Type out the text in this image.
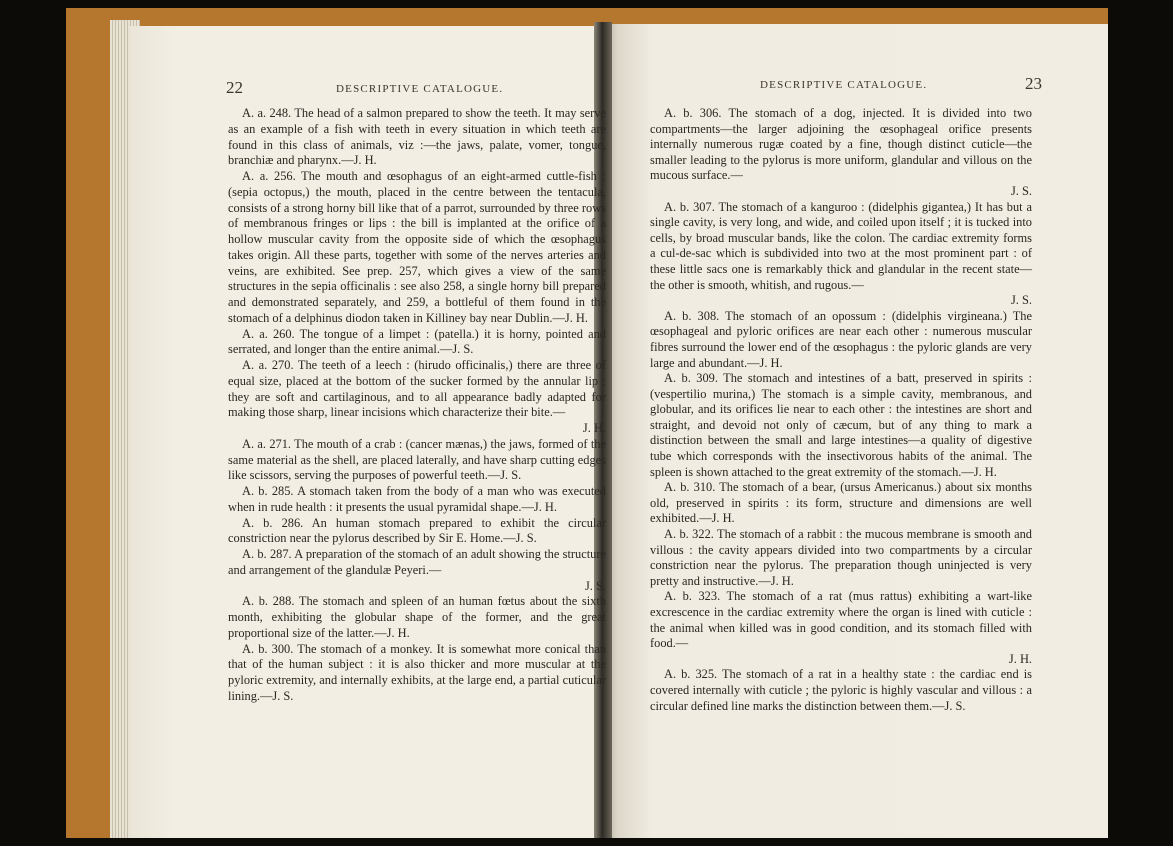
22	DESCRIPTIVE CATALOGUE.	DESCRIPTIVE CATALOGUE.	23

A. a. 248. The head of a salmon prepared to show the teeth. It may serve as an example of a fish with teeth in every situation in which teeth are found in this class of animals, viz :—the jaws, palate, vomer, tongue, branchiæ and pharynx.—J. H.

A. a. 256. The mouth and œsophagus of an eight-armed cuttle-fish : (sepia octopus,) the mouth, placed in the centre between the tentacula, consists of a strong horny bill like that of a parrot, surrounded by three rows of membranous fringes or lips : the bill is implanted at the orifice of a hollow muscular cavity from the opposite side of which the œsophagus takes origin. All these parts, together with some of the nerves arteries and veins, are exhibited. See prep. 257, which gives a view of the same structures in the sepia officinalis : see also 258, a single horny bill prepared and demonstrated separately, and 259, a bottleful of them found in the stomach of a delphinus diodon taken in Killiney bay near Dublin.—J. H.

A. a. 260. The tongue of a limpet : (patella.) it is horny, pointed and serrated, and longer than the entire animal.—J. S.

A. a. 270. The teeth of a leech : (hirudo officinalis,) there are three of equal size, placed at the bottom of the sucker formed by the annular lip : they are soft and cartilaginous, and to all appearance badly adapted for making those sharp, linear incisions which characterize their bite.—
J. H.

A. a. 271. The mouth of a crab : (cancer mænas,) the jaws, formed of the same material as the shell, are placed laterally, and have sharp cutting edges like scissors, serving the purposes of powerful teeth.—J. S.

A. b. 285. A stomach taken from the body of a man who was executed when in rude health : it presents the usual pyramidal shape.—J. H.

A. b. 286. An human stomach prepared to exhibit the circular constriction near the pylorus described by Sir E. Home.—J. S.

A. b. 287. A preparation of the stomach of an adult showing the structure and arrangement of the glandulæ Peyeri.—
J. S.

A. b. 288. The stomach and spleen of an human fœtus about the sixth month, exhibiting the globular shape of the former, and the great proportional size of the latter.—J. H.

A. b. 300. The stomach of a monkey. It is somewhat more conical than that of the human subject : it is also thicker and more muscular at the pyloric extremity, and internally exhibits, at the large end, a partial cuticular lining.—J. S.

A. b. 306. The stomach of a dog, injected. It is divided into two compartments—the larger adjoining the œsophageal orifice presents internally numerous rugæ coated by a fine, though distinct cuticle—the smaller leading to the pylorus is more uniform, glandular and villous on the mucous surface.—
J. S.

A. b. 307. The stomach of a kanguroo : (didelphis gigantea,) It has but a single cavity, is very long, and wide, and coiled upon itself ; it is tucked into cells, by broad muscular bands, like the colon. The cardiac extremity forms a cul-de-sac which is subdivided into two at the most prominent part : of these little sacs one is remarkably thick and glandular in the recent state—the other is smooth, whitish, and rugous.—
J. S.

A. b. 308. The stomach of an opossum : (didelphis virgineana.) The œsophageal and pyloric orifices are near each other : numerous muscular fibres surround the lower end of the œsophagus : the pyloric glands are very large and abundant.—J. H.

A. b. 309. The stomach and intestines of a batt, preserved in spirits : (vespertilio murina,) The stomach is a simple cavity, membranous, and globular, and its orifices lie near to each other : the intestines are short and straight, and devoid not only of cæcum, but of any thing to mark a distinction between the small and large intestines—a quality of digestive tube which corresponds with the insectivorous habits of the animal. The spleen is shown attached to the great extremity of the stomach.—J. H.

A. b. 310. The stomach of a bear, (ursus Americanus.) about six months old, preserved in spirits : its form, structure and dimensions are well exhibited.—J. H.

A. b. 322. The stomach of a rabbit : the mucous membrane is smooth and villous : the cavity appears divided into two compartments by a circular constriction near the pylorus. The preparation though uninjected is very pretty and instructive.—J. H.

A. b. 323. The stomach of a rat (mus rattus) exhibiting a wart-like excrescence in the cardiac extremity where the organ is lined with cuticle : the animal when killed was in good condition, and its stomach filled with food.—
J. H.

A. b. 325. The stomach of a rat in a healthy state : the cardiac end is covered internally with cuticle ; the pyloric is highly vascular and villous : a circular defined line marks the distinction between them.—J. S.
